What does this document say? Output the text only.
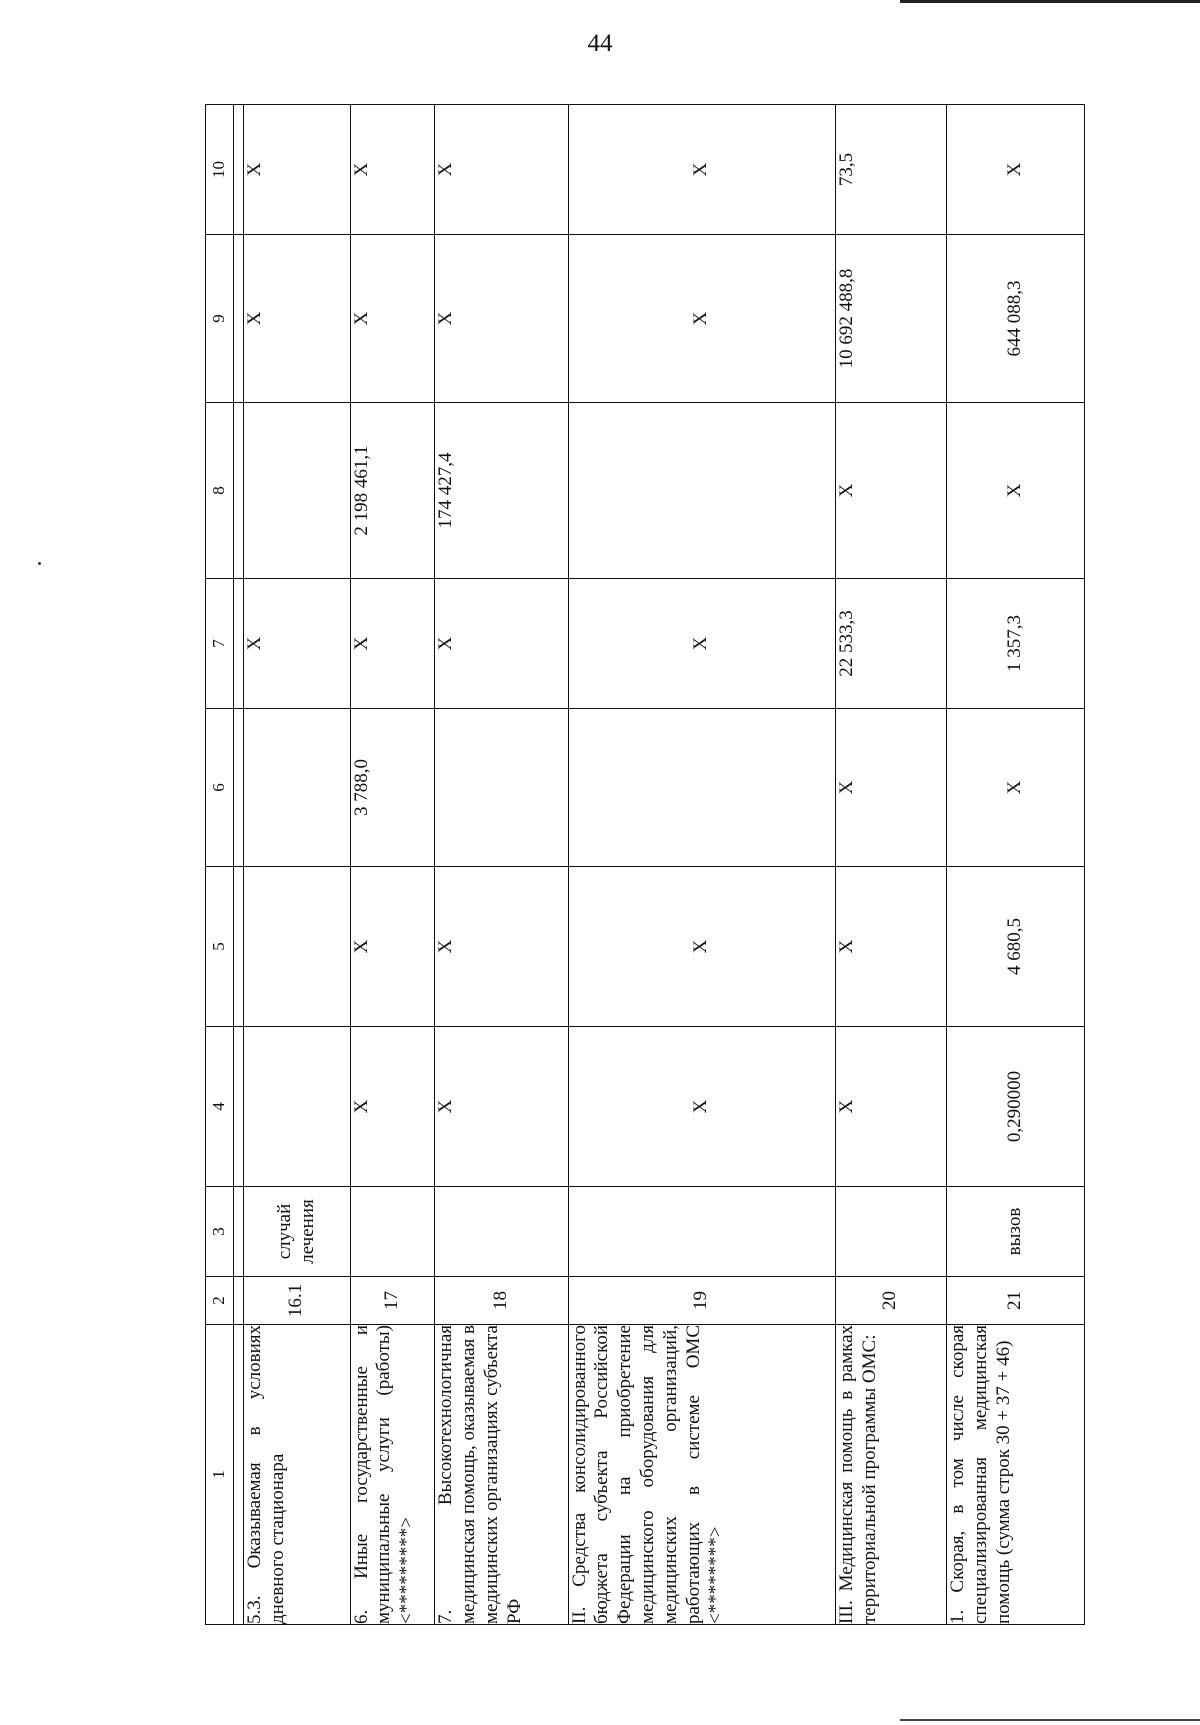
44
1	2	3	4	5	6	7	8	9	10

5.3. Оказываемая в условиях дневного стационара	16.1	случай лечения				X		X	X

6. Иные государственные и муниципальные услуги (работы) <*********>	17		X	X	3 788,0	X	2 198 461,1	X	X

7. Высокотехнологичная медицинская помощь, оказываемая в медицинских организациях субъекта РФ	18		X	X		X	174 427,4	X	X

II. Средства консолидированного бюджета субъекта Российской Федерации на приобретение медицинского оборудования для медицинских организаций, работающих в системе ОМС <********>	19		X	X		X		X	X

III. Медицинская помощь в рамках территориальной программы ОМС:	20		X	X	X	22 533,3	X	10 692 488,8	73,5

1. Скорая, в том числе скорая специализированная медицинская помощь (сумма строк 30 + 37 + 46)	21	вызов	0,290000	4 680,5	X	1 357,3	X	644 088,3	X
